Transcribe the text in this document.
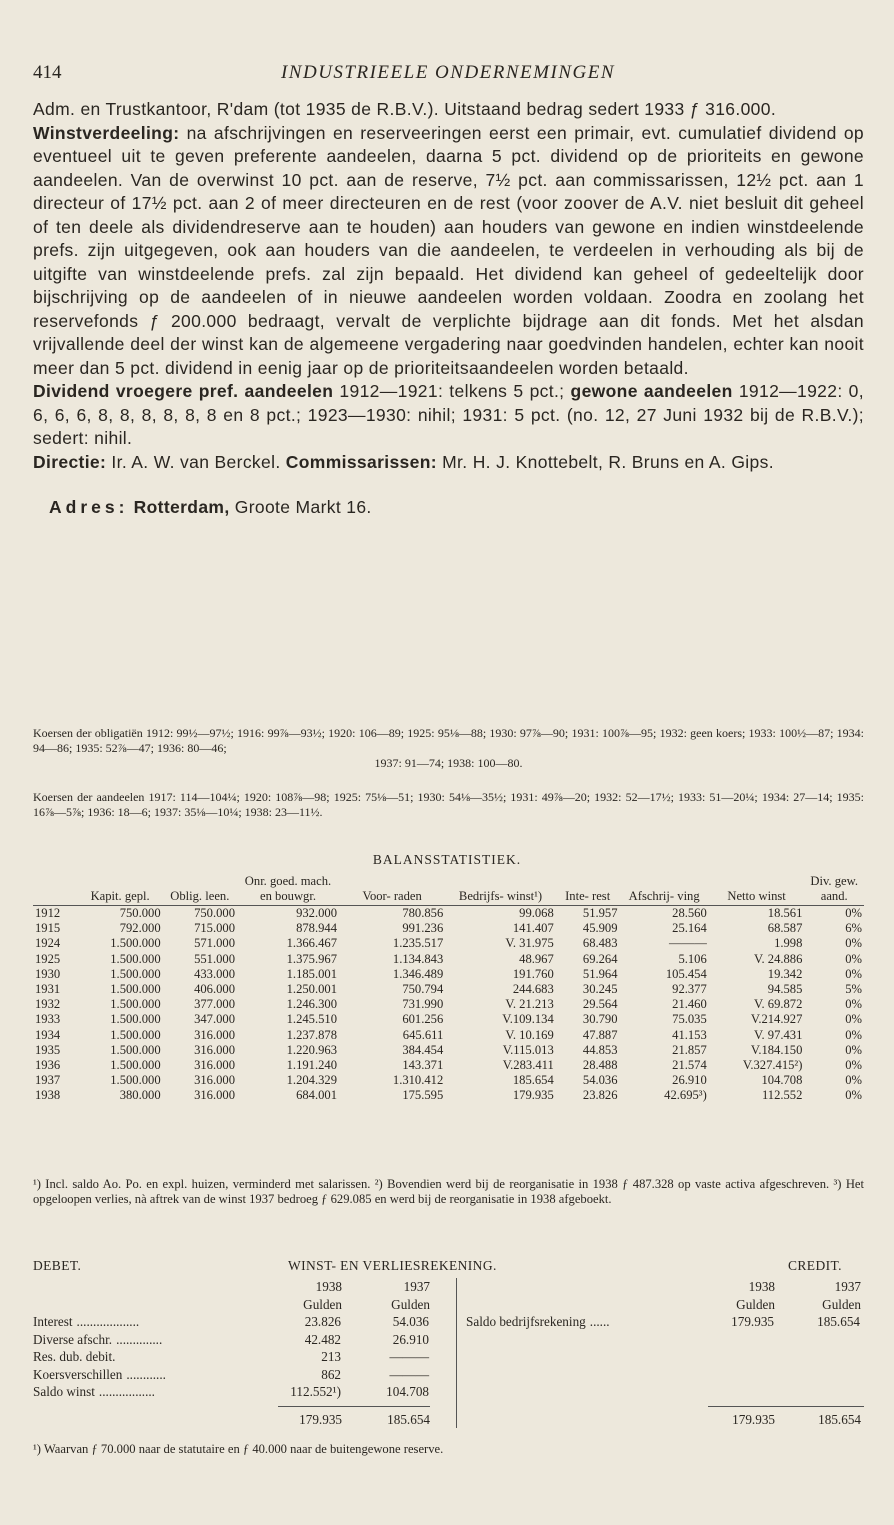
414	INDUSTRIEELE ONDERNEMINGEN

Adm. en Trustkantoor, R'dam (tot 1935 de R.B.V.). Uitstaand bedrag sedert 1933 ƒ 316.000.

Winstverdeeling: na afschrijvingen en reserveeringen eerst een primair, evt. cumulatief dividend op eventueel uit te geven preferente aandeelen, daarna 5 pct. dividend op de prioriteits en gewone aandeelen. Van de overwinst 10 pct. aan de reserve, 7½ pct. aan commissarissen, 12½ pct. aan 1 directeur of 17½ pct. aan 2 of meer directeuren en de rest (voor zoover de A.V. niet besluit dit geheel of ten deele als dividendreserve aan te houden) aan houders van gewone en indien winstdeelende prefs. zijn uitgegeven, ook aan houders van die aandeelen, te verdeelen in verhouding als bij de uitgifte van winstdeelende prefs. zal zijn bepaald. Het dividend kan geheel of gedeeltelijk door bijschrijving op de aandeelen of in nieuwe aandeelen worden voldaan. Zoodra en zoolang het reservefonds ƒ 200.000 bedraagt, vervalt de verplichte bijdrage aan dit fonds. Met het alsdan vrijvallende deel der winst kan de algemeene vergadering naar goedvinden handelen, echter kan nooit meer dan 5 pct. dividend in eenig jaar op de prioriteitsaandeelen worden betaald.

Dividend vroegere pref. aandeelen 1912—1921: telkens 5 pct.; gewone aandeelen 1912—1922: 0, 6, 6, 6, 8, 8, 8, 8, 8, 8 en 8 pct.; 1923—1930: nihil; 1931: 5 pct. (no. 12, 27 Juni 1932 bij de R.B.V.); sedert: nihil.

Directie: Ir. A. W. van Berckel. Commissarissen: Mr. H. J. Knottebelt, R. Bruns en A. Gips.

Adres: Rotterdam, Groote Markt 16.

Koersen der obligatiën 1912: 99½—97½; 1916: 99⅞—93½; 1920: 106—89; 1925: 95⅛—88; 1930: 97⅞—90; 1931: 100⅞—95; 1932: geen koers; 1933: 100½—87; 1934: 94—86; 1935: 52⅞—47; 1936: 80—46;
1937: 91—74; 1938: 100—80.
Koersen der aandeelen 1917: 114—104¼; 1920: 108⅞—98; 1925: 75⅛—51; 1930: 54⅛—35½; 1931: 49⅞—20; 1932: 52—17½; 1933: 51—20¼; 1934: 27—14; 1935: 16⅞—5⅞; 1936: 18—6; 1937: 35⅛—10¼; 1938: 23—11½.
BALANSSTATISTIEK.
	Kapit. gepl.	Oblig. leen.	Onr. goed. mach. en bouwgr.	Voor- raden	Bedrijfs- winst¹)	Inte- rest	Afschrij- ving	Netto winst	Div. gew. aand.

1912	750.000	750.000	932.000	780.856	99.068	51.957	28.560	18.561	0%
1915	792.000	715.000	878.944	991.236	141.407	45.909	25.164	68.587	6%
1924	1.500.000	571.000	1.366.467	1.235.517	V. 31.975	68.483	———	1.998	0%
1925	1.500.000	551.000	1.375.967	1.134.843	48.967	69.264	5.106	V. 24.886	0%
1930	1.500.000	433.000	1.185.001	1.346.489	191.760	51.964	105.454	19.342	0%
1931	1.500.000	406.000	1.250.001	750.794	244.683	30.245	92.377	94.585	5%
1932	1.500.000	377.000	1.246.300	731.990	V. 21.213	29.564	21.460	V. 69.872	0%
1933	1.500.000	347.000	1.245.510	601.256	V.109.134	30.790	75.035	V.214.927	0%
1934	1.500.000	316.000	1.237.878	645.611	V. 10.169	47.887	41.153	V. 97.431	0%
1935	1.500.000	316.000	1.220.963	384.454	V.115.013	44.853	21.857	V.184.150	0%
1936	1.500.000	316.000	1.191.240	143.371	V.283.411	28.488	21.574	V.327.415²)	0%
1937	1.500.000	316.000	1.204.329	1.310.412	185.654	54.036	26.910	104.708	0%
1938	380.000	316.000	684.001	175.595	179.935	23.826	42.695³)	112.552	0%
¹) Incl. saldo Ao. Po. en expl. huizen, verminderd met salarissen. ²) Bovendien werd bij de reorganisatie in 1938 ƒ 487.328 op vaste activa afgeschreven. ³) Het opgeloopen verlies, nà aftrek van de winst 1937 bedroeg ƒ 629.085 en werd bij de reorganisatie in 1938 afgeboekt.
DEBET.	WINST- EN VERLIESREKENING.	CREDIT.
1938	1937
Gulden	Gulden
1938	1937
Gulden	Gulden
Interest ...................	23.826	54.036
Diverse afschr. ..............	42.482	26.910
Res. dub. debit.	213	———
Koersverschillen ............	862	———
Saldo winst .................	112.552¹)	104.708
Saldo bedrijfsrekening ......	179.935	185.654
179.935	185.654	179.935	185.654
¹) Waarvan ƒ 70.000 naar de statutaire en ƒ 40.000 naar de buitengewone reserve.
